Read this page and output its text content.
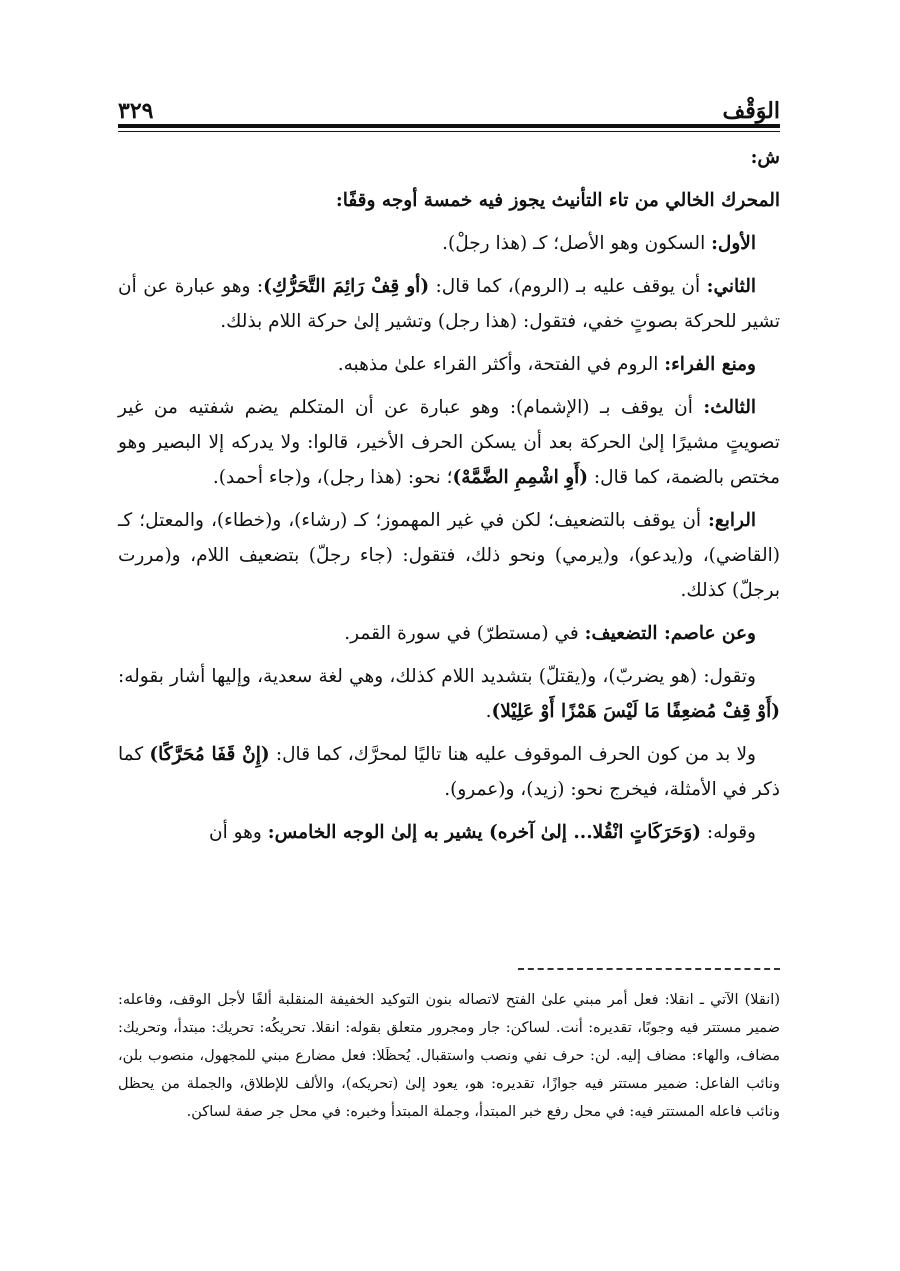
الوَقْف
٣٢٩

ش:

المحرك الخالي من تاء التأنيث يجوز فيه خمسة أوجه وقفًا:

الأول: السكون وهو الأصل؛ كـ (هذا رجلْ).

الثاني: أن يوقف عليه بـ (الروم)، كما قال: (أو قِفْ رَائِمَ التَّحَرُّكِ): وهو عبارة عن أن تشير للحركة بصوتٍ خفي، فتقول: (هذا رجل) وتشير إلىٰ حركة اللام بذلك.

ومنع الفراء: الروم في الفتحة، وأكثر القراء علىٰ مذهبه.

الثالث: أن يوقف بـ (الإشمام): وهو عبارة عن أن المتكلم يضم شفتيه من غير تصويتٍ مشيرًا إلىٰ الحركة بعد أن يسكن الحرف الأخير، قالوا: ولا يدركه إلا البصير وهو مختص بالضمة، كما قال: (أَوِ اشْمِمِ الضَّمَّهْ)؛ نحو: (هذا رجل)، و(جاء أحمد).

الرابع: أن يوقف بالتضعيف؛ لكن في غير المهموز؛ كـ (رشاء)، و(خطاء)، والمعتل؛ كـ (القاضي)، و(يدعو)، و(يرمي) ونحو ذلك، فتقول: (جاء رجلّ) بتضعيف اللام، و(مررت برجلّ) كذلك.

وعن عاصم: التضعيف: في (مستطرّ) في سورة القمر.

وتقول: (هو يضربّ)، و(يقتلّ) بتشديد اللام كذلك، وهي لغة سعدية، وإليها أشار بقوله: (أَوْ قِفْ مُضعِفًا مَا لَيْسَ هَمْزًا أَوْ عَلِيْلا).

ولا بد من كون الحرف الموقوف عليه هنا تاليًا لمحرَّك، كما قال: (إِنْ قَفَا مُحَرَّكًا) كما ذكر في الأمثلة، فيخرج نحو: (زيد)، و(عمرو).

وقوله: (وَحَرَكَاتٍ انْقُلا... إلىٰ آخره) يشير به إلىٰ الوجه الخامس: وهو أن

(انقلا) الآتي ـ انقلا: فعل أمر مبني علىٰ الفتح لاتصاله بنون التوكيد الخفيفة المنقلبة ألفًا لأجل الوقف، وفاعله: ضمير مستتر فيه وجوبًا، تقديره: أنت. لساكن: جار ومجرور متعلق بقوله: انقلا. تحريكُه: تحريك: مبتدأ، وتحريك: مضاف، والهاء: مضاف إليه. لن: حرف نفي ونصب واستقبال. يُحظَلا: فعل مضارع مبني للمجهول، منصوب بلن، ونائب الفاعل: ضمير مستتر فيه جوازًا، تقديره: هو، يعود إلىٰ (تحريكه)، والألف للإطلاق، والجملة من يحظل ونائب فاعله المستتر فيه: في محل رفع خبر المبتدأ، وجملة المبتدأ وخبره: في محل جر صفة لساكن.
